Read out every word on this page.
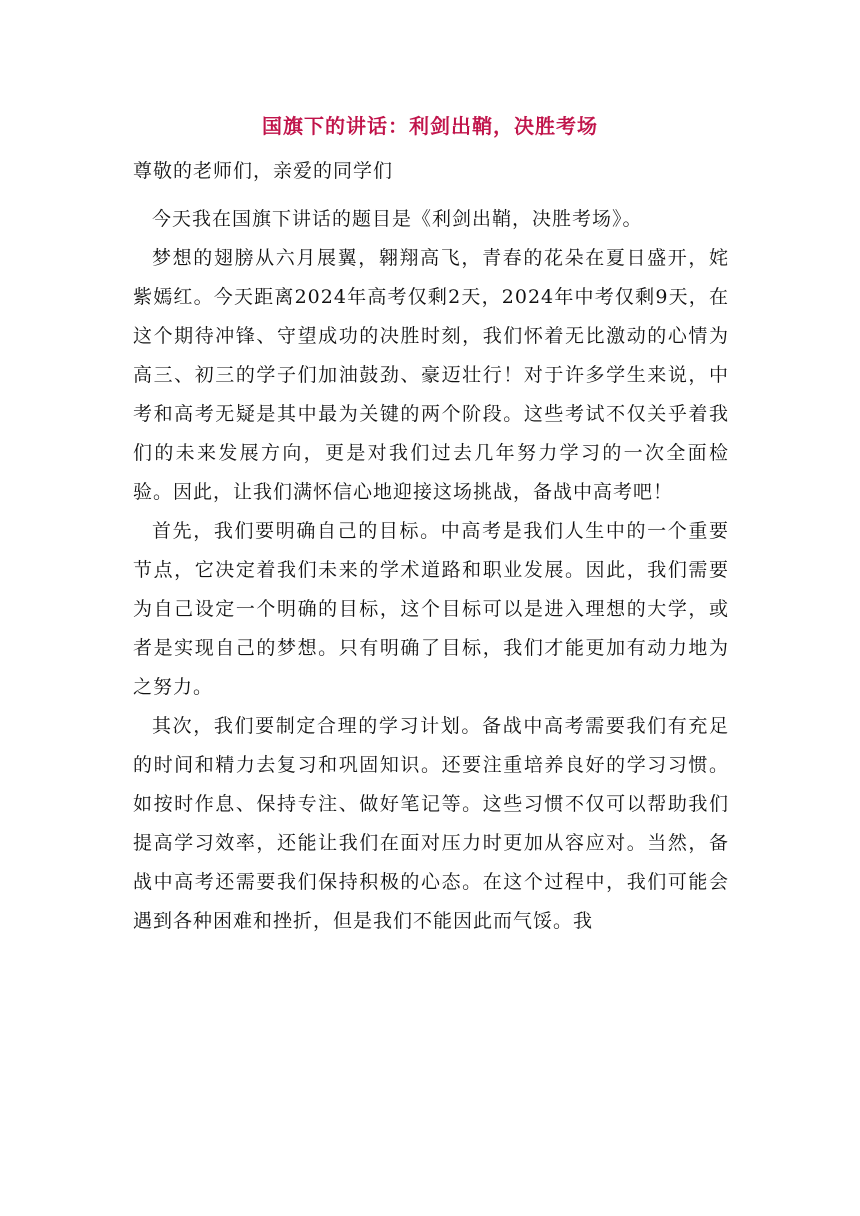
国旗下的讲话：利剑出鞘，决胜考场
尊敬的老师们，亲爱的同学们

今天我在国旗下讲话的题目是《利剑出鞘，决胜考场》。

梦想的翅膀从六月展翼，翱翔高飞，青春的花朵在夏日盛开，姹紫嫣红。今天距离2024年高考仅剩2天，2024年中考仅剩9天，在这个期待冲锋、守望成功的决胜时刻，我们怀着无比激动的心情为高三、初三的学子们加油鼓劲、豪迈壮行！对于许多学生来说，中考和高考无疑是其中最为关键的两个阶段。这些考试不仅关乎着我们的未来发展方向，更是对我们过去几年努力学习的一次全面检验。因此，让我们满怀信心地迎接这场挑战，备战中高考吧！

首先，我们要明确自己的目标。中高考是我们人生中的一个重要节点，它决定着我们未来的学术道路和职业发展。因此，我们需要为自己设定一个明确的目标，这个目标可以是进入理想的大学，或者是实现自己的梦想。只有明确了目标，我们才能更加有动力地为之努力。

其次，我们要制定合理的学习计划。备战中高考需要我们有充足的时间和精力去复习和巩固知识。还要注重培养良好的学习习惯。如按时作息、保持专注、做好笔记等。这些习惯不仅可以帮助我们提高学习效率，还能让我们在面对压力时更加从容应对。当然，备战中高考还需要我们保持积极的心态。在这个过程中，我们可能会遇到各种困难和挫折，但是我们不能因此而气馁。我
